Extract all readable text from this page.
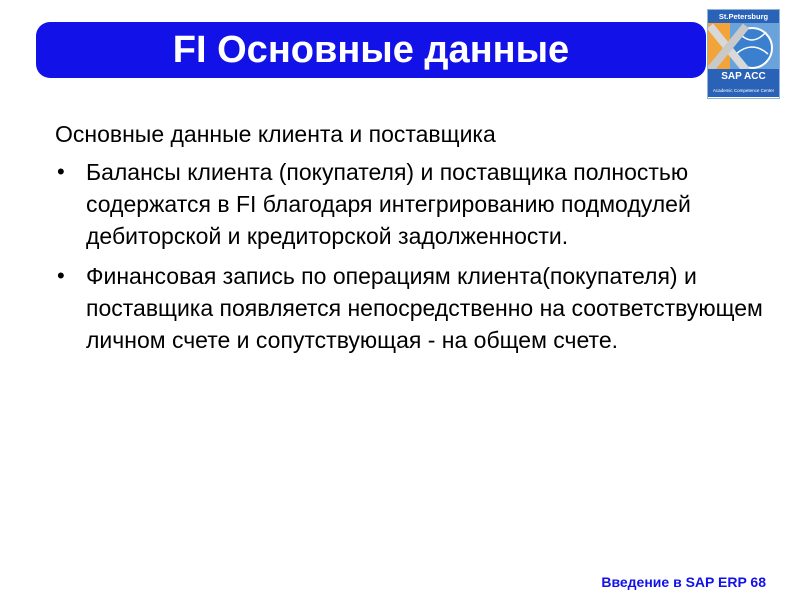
FI Основные данные
St.Petersburg
SAP ACC
Academic Competence Center

Основные данные клиента и поставщика

• Балансы клиента (покупателя) и поставщика полностью содержатся в FI благодаря интегрированию подмодулей дебиторской и кредиторской задолженности.
• Финансовая запись по операциям клиента(покупателя) и поставщика появляется непосредственно на соответствующем личном счете и сопутствующая - на общем счете.
Введение в SAP ERP 68
